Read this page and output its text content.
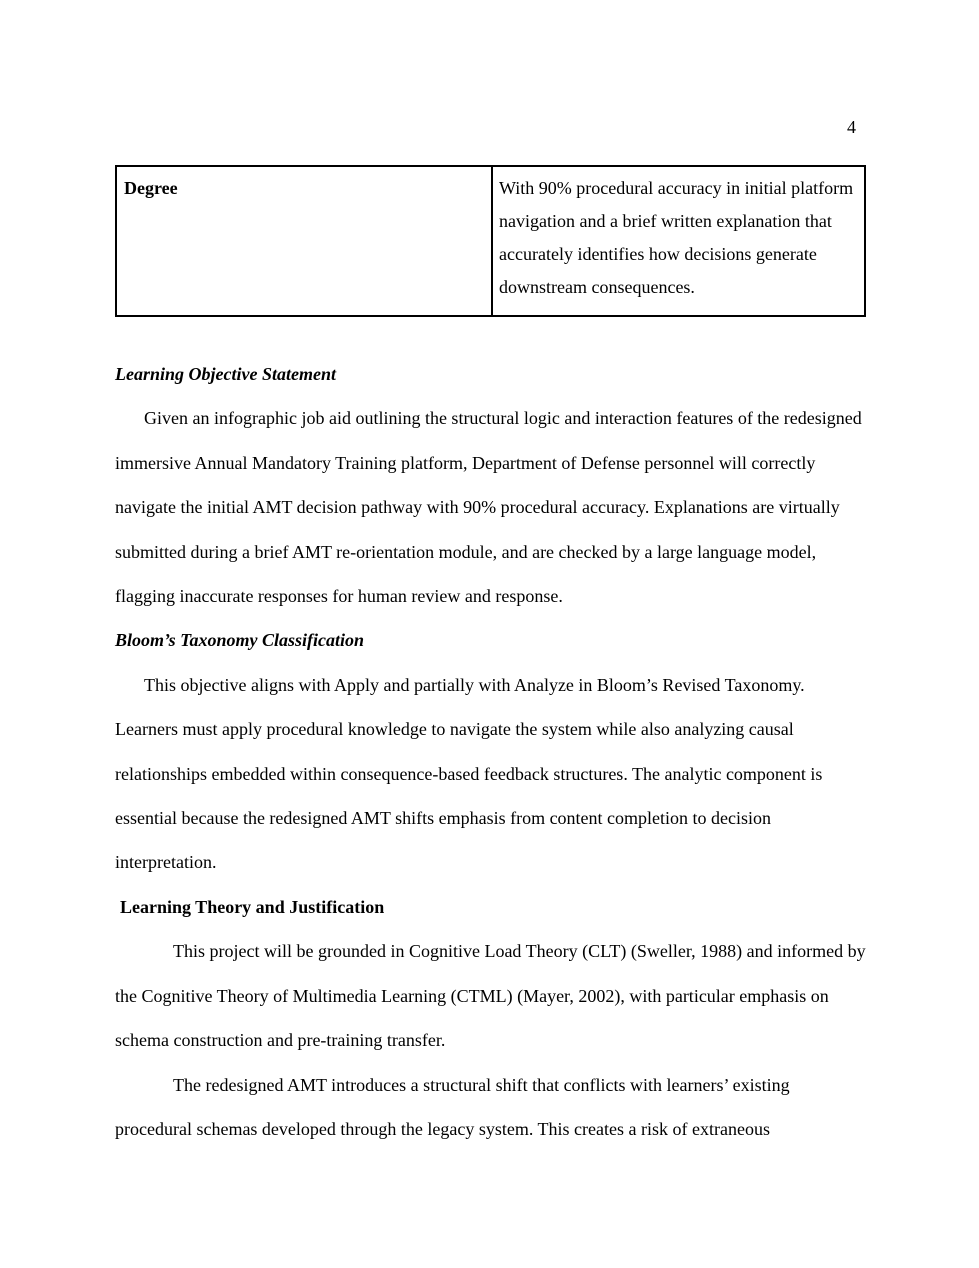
4
Degree	With 90% procedural accuracy in initial platform navigation and a brief written explanation that accurately identifies how decisions generate downstream consequences.
Learning Objective Statement

Given an infographic job aid outlining the structural logic and interaction features of the redesigned immersive Annual Mandatory Training platform, Department of Defense personnel will correctly navigate the initial AMT decision pathway with 90% procedural accuracy. Explanations are virtually submitted during a brief AMT re-orientation module, and are checked by a large language model, flagging inaccurate responses for human review and response.

Bloom’s Taxonomy Classification

This objective aligns with Apply and partially with Analyze in Bloom’s Revised Taxonomy. Learners must apply procedural knowledge to navigate the system while also analyzing causal relationships embedded within consequence-based feedback structures. The analytic component is essential because the redesigned AMT shifts emphasis from content completion to decision interpretation.

Learning Theory and Justification

This project will be grounded in Cognitive Load Theory (CLT) (Sweller, 1988) and informed by the Cognitive Theory of Multimedia Learning (CTML) (Mayer, 2002), with particular emphasis on schema construction and pre-training transfer.

The redesigned AMT introduces a structural shift that conflicts with learners’ existing procedural schemas developed through the legacy system. This creates a risk of extraneous
